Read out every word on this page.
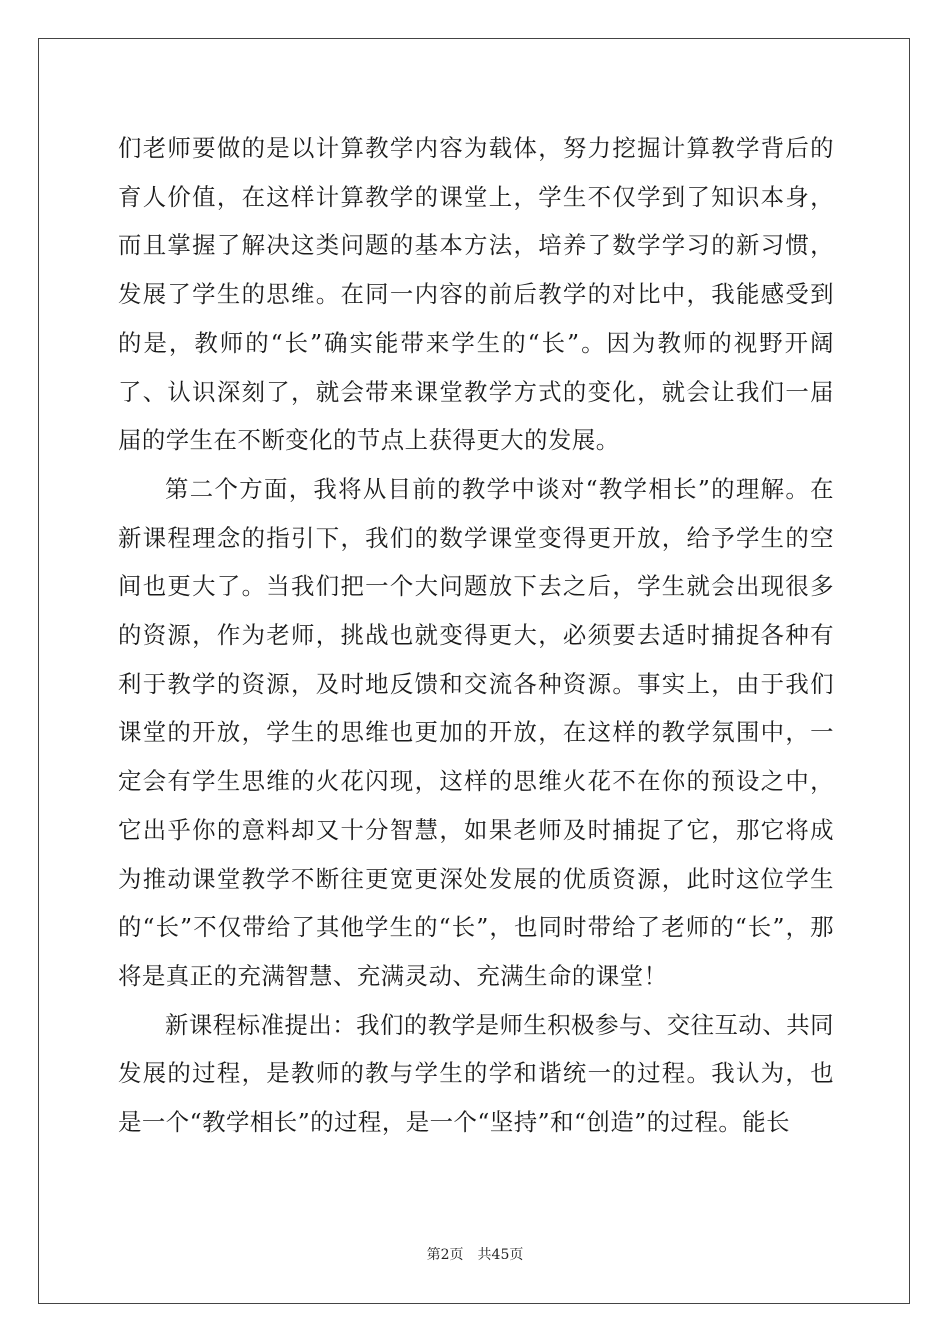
们老师要做的是以计算教学内容为载体，努力挖掘计算教学背后的育人价值，在这样计算教学的课堂上，学生不仅学到了知识本身，而且掌握了解决这类问题的基本方法，培养了数学学习的新习惯，发展了学生的思维。在同一内容的前后教学的对比中，我能感受到的是，教师的“长”确实能带来学生的“长”。因为教师的视野开阔了、认识深刻了，就会带来课堂教学方式的变化，就会让我们一届届的学生在不断变化的节点上获得更大的发展。

第二个方面，我将从目前的教学中谈对“教学相长”的理解。在新课程理念的指引下，我们的数学课堂变得更开放，给予学生的空间也更大了。当我们把一个大问题放下去之后，学生就会出现很多的资源，作为老师，挑战也就变得更大，必须要去适时捕捉各种有利于教学的资源，及时地反馈和交流各种资源。事实上，由于我们课堂的开放，学生的思维也更加的开放，在这样的教学氛围中，一定会有学生思维的火花闪现，这样的思维火花不在你的预设之中，它出乎你的意料却又十分智慧，如果老师及时捕捉了它，那它将成为推动课堂教学不断往更宽更深处发展的优质资源，此时这位学生的“长”不仅带给了其他学生的“长”，也同时带给了老师的“长”，那将是真正的充满智慧、充满灵动、充满生命的课堂！

新课程标准提出：我们的教学是师生积极参与、交往互动、共同发展的过程，是教师的教与学生的学和谐统一的过程。我认为，也是一个“教学相长”的过程，是一个“坚持”和“创造”的过程。能长

第2页　共45页
